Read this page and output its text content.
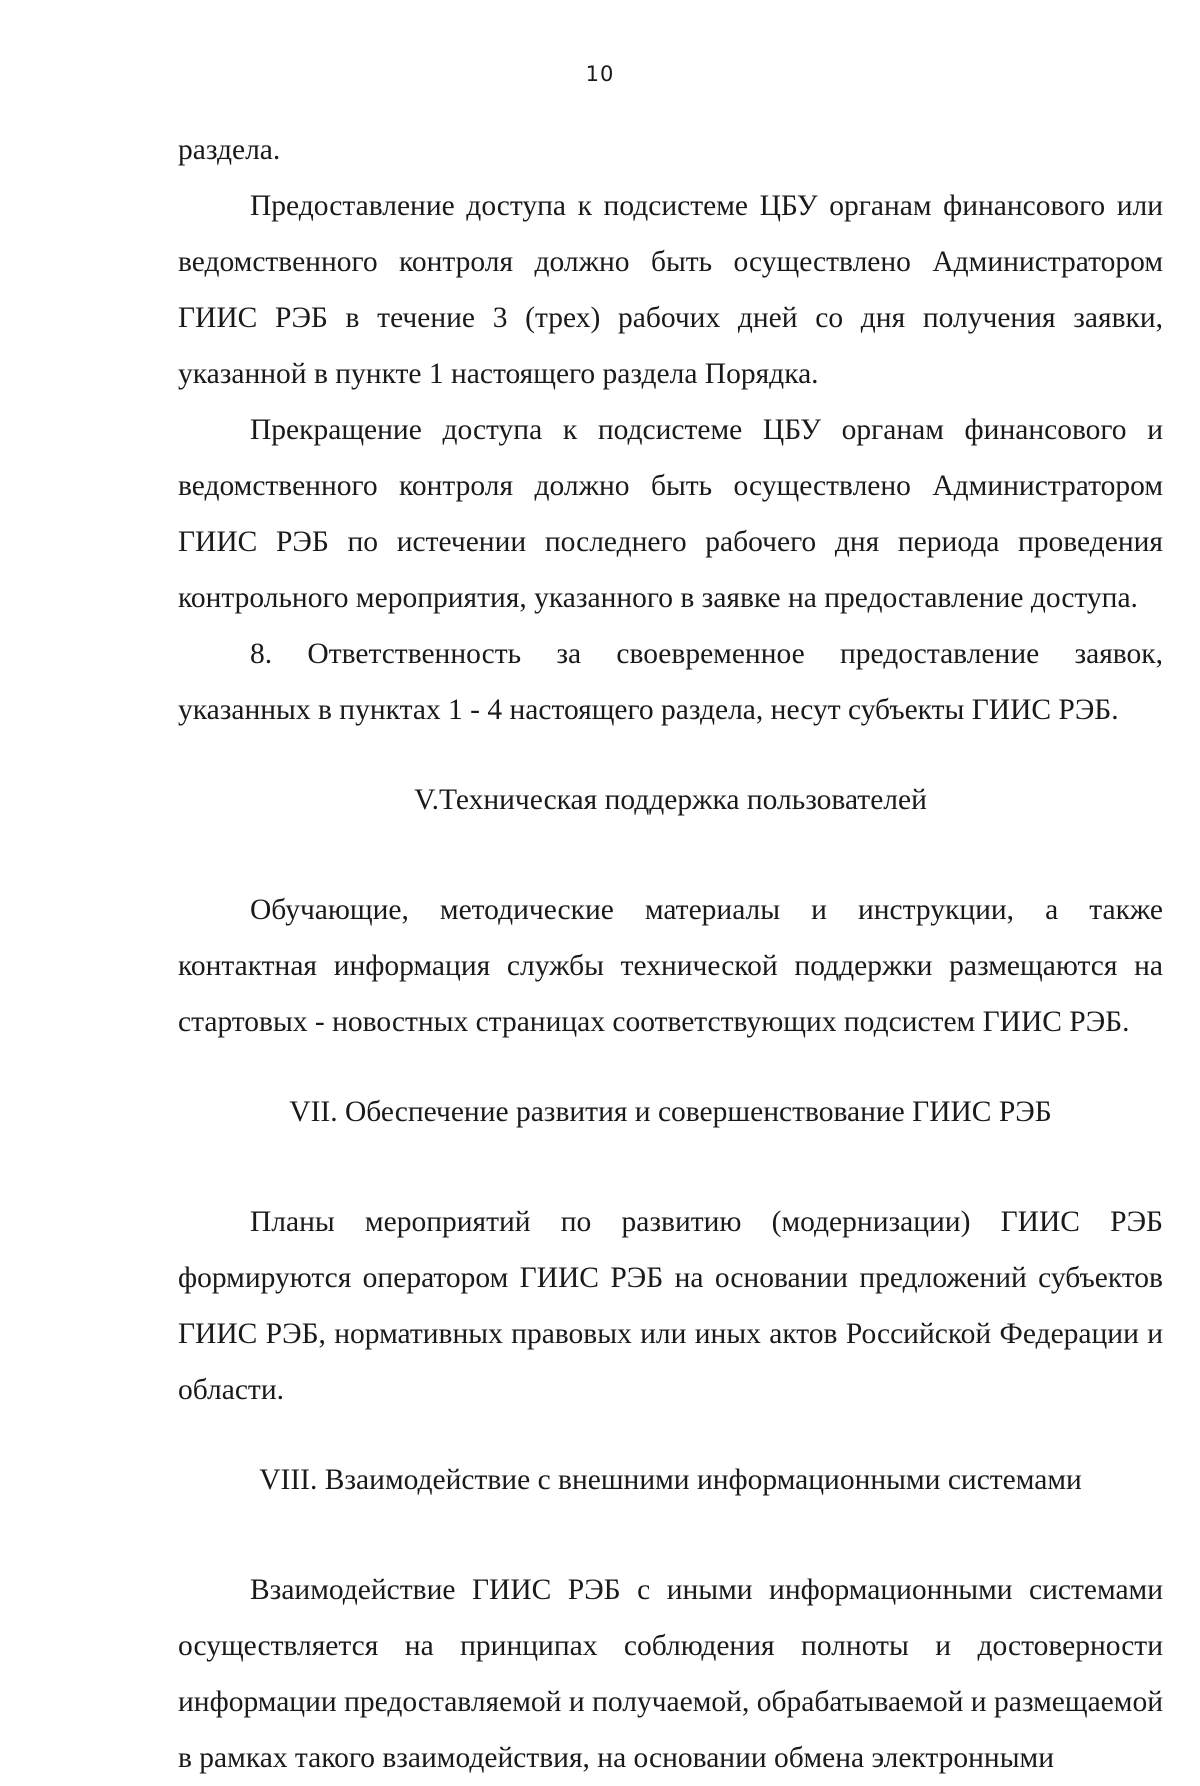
10

раздела.

Предоставление доступа к подсистеме ЦБУ органам финансового или ведомственного контроля должно быть осуществлено Администратором ГИИС РЭБ в течение 3 (трех) рабочих дней со дня получения заявки, указанной в пункте 1 настоящего раздела Порядка.

Прекращение доступа к подсистеме ЦБУ органам финансового и ведомственного контроля должно быть осуществлено Администратором ГИИС РЭБ по истечении последнего рабочего дня периода проведения контрольного мероприятия, указанного в заявке на предоставление доступа.

8. Ответственность за своевременное предоставление заявок, указанных в пунктах 1 - 4 настоящего раздела, несут субъекты ГИИС РЭБ.

V.Техническая поддержка пользователей

Обучающие, методические материалы и инструкции, а также контактная информация службы технической поддержки размещаются на стартовых - новостных страницах соответствующих подсистем ГИИС РЭБ.

VII. Обеспечение развития и совершенствование ГИИС РЭБ

Планы мероприятий по развитию (модернизации) ГИИС РЭБ формируются оператором ГИИС РЭБ на основании предложений субъектов ГИИС РЭБ, нормативных правовых или иных актов Российской Федерации и области.

VIII. Взаимодействие с внешними информационными системами

Взаимодействие ГИИС РЭБ с иными информационными системами осуществляется на принципах соблюдения полноты и достоверности информации предоставляемой и получаемой, обрабатываемой и размещаемой в рамках такого взаимодействия, на основании обмена электронными
